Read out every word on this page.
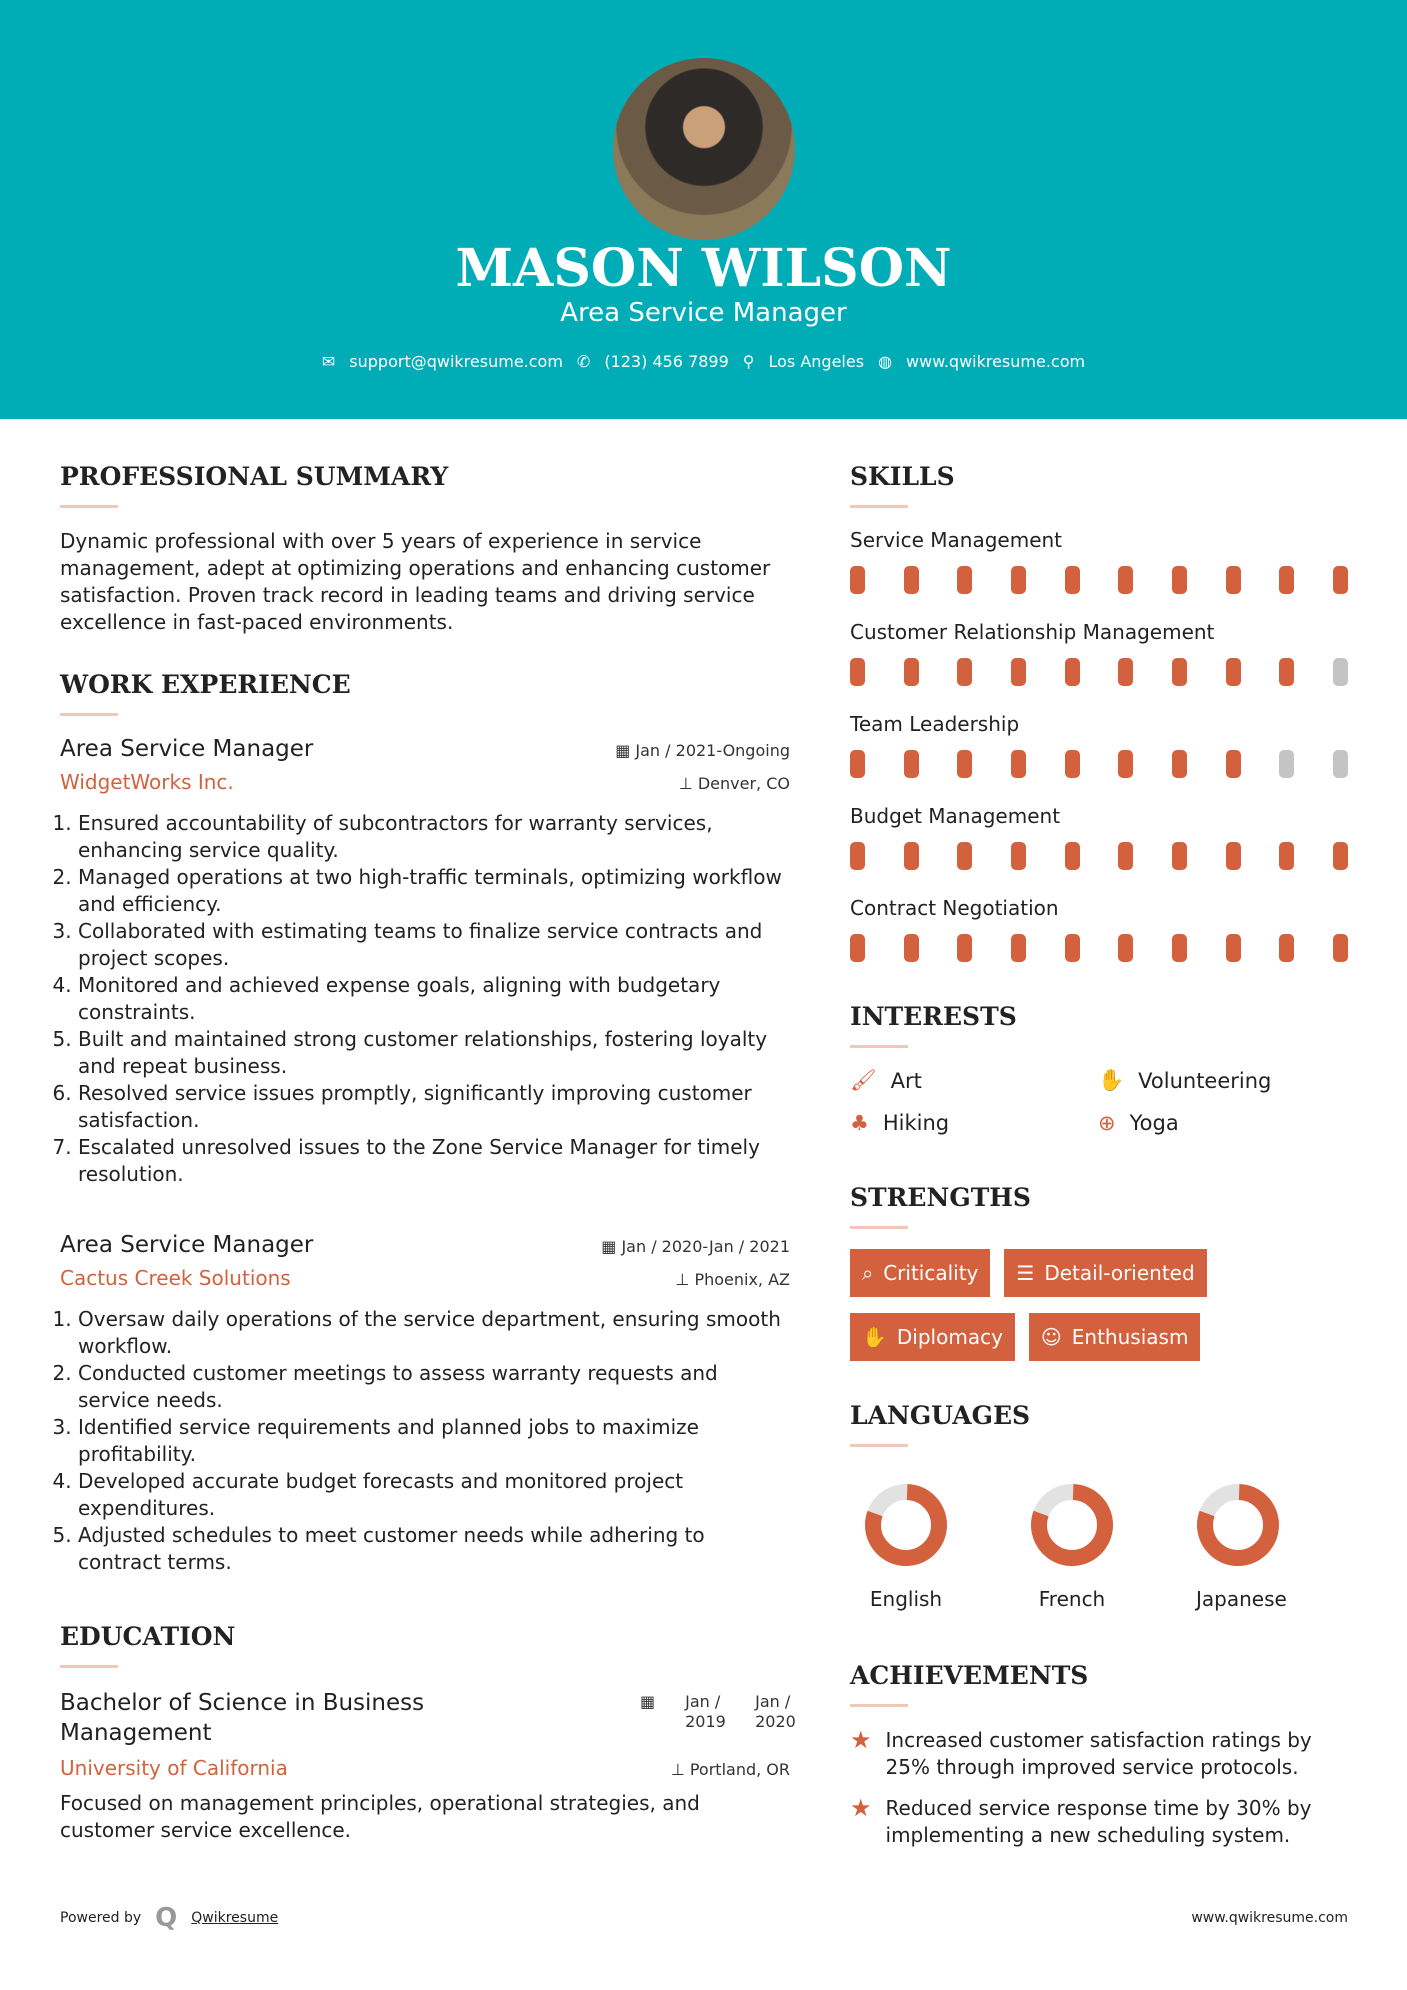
MASON WILSON
Area Service Manager
✉ support@qwikresume.com ✆ (123) 456 7899 ⚲ Los Angeles ◍ www.qwikresume.com
PROFESSIONAL SUMMARY

Dynamic professional with over 5 years of experience in service management, adept at optimizing operations and enhancing customer satisfaction. Proven track record in leading teams and driving service excellence in fast-paced environments.

WORK EXPERIENCE
Area Service Manager	▦ Jan / 2021-Ongoing
WidgetWorks Inc.	⊥ Denver, CO
1. Ensured accountability of subcontractors for warranty services, enhancing service quality.
2. Managed operations at two high-traffic terminals, optimizing workflow and efficiency.
3. Collaborated with estimating teams to finalize service contracts and project scopes.
4. Monitored and achieved expense goals, aligning with budgetary constraints.
5. Built and maintained strong customer relationships, fostering loyalty and repeat business.
6. Resolved service issues promptly, significantly improving customer satisfaction.
7. Escalated unresolved issues to the Zone Service Manager for timely resolution.
Area Service Manager	▦ Jan / 2020-Jan / 2021
Cactus Creek Solutions	⊥ Phoenix, AZ
1. Oversaw daily operations of the service department, ensuring smooth workflow.
2. Conducted customer meetings to assess warranty requests and service needs.
3. Identified service requirements and planned jobs to maximize profitability.
4. Developed accurate budget forecasts and monitored project expenditures.
5. Adjusted schedules to meet customer needs while adhering to contract terms.
EDUCATION
Bachelor of Science in Business Management
▦ Jan / 2019
Jan / 2020
University of California	⊥ Portland, OR

Focused on management principles, operational strategies, and customer service excellence.

SKILLS
Service Management
Customer Relationship Management
Team Leadership
Budget Management
Contract Negotiation
INTERESTS
🖌 Art	✋ Volunteering
♣ Hiking	⊕ Yoga
STRENGTHS
⌕ Criticality ☰ Detail-oriented
✋ Diplomacy ☺ Enthusiasm
LANGUAGES
English	French	Japanese
ACHIEVEMENTS
★ Increased customer satisfaction ratings by 25% through improved service protocols.
★ Reduced service response time by 30% by implementing a new scheduling system.
Powered by Q Qwikresume	www.qwikresume.com
